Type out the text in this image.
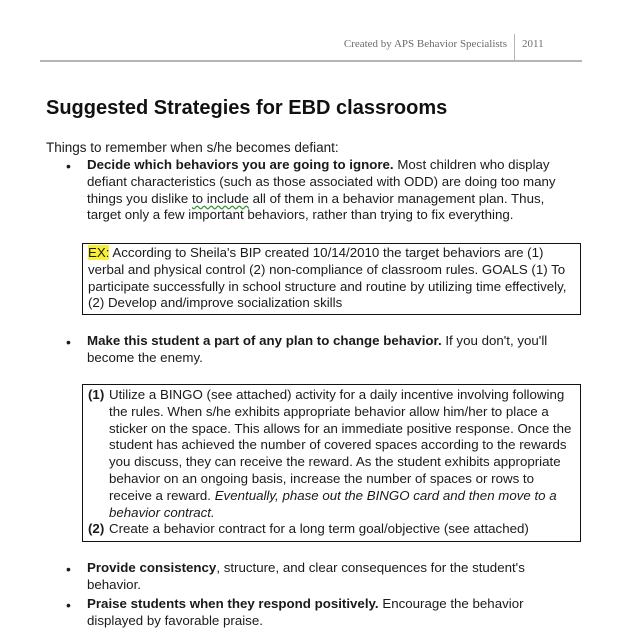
Created by APS Behavior Specialists 2011
Suggested Strategies for EBD classrooms
Things to remember when s/he becomes defiant:
• Decide which behaviors you are going to ignore. Most children who display defiant characteristics (such as those associated with ODD) are doing too many things you dislike to include all of them in a behavior management plan. Thus, target only a few important behaviors, rather than trying to fix everything.
EX: According to Sheila's BIP created 10/14/2010 the target behaviors are (1) verbal and physical control (2) non-compliance of classroom rules. GOALS (1) To participate successfully in school structure and routine by utilizing time effectively, (2) Develop and/improve socialization skills
• Make this student a part of any plan to change behavior. If you don't, you'll become the enemy.
(1) Utilize a BINGO (see attached) activity for a daily incentive involving following the rules. When s/he exhibits appropriate behavior allow him/her to place a sticker on the space. This allows for an immediate positive response. Once the student has achieved the number of covered spaces according to the rewards you discuss, they can receive the reward. As the student exhibits appropriate behavior on an ongoing basis, increase the number of spaces or rows to receive a reward. Eventually, phase out the BINGO card and then move to a behavior contract.
(2) Create a behavior contract for a long term goal/objective (see attached)
• Provide consistency, structure, and clear consequences for the student's behavior.
• Praise students when they respond positively. Encourage the behavior displayed by favorable praise.
